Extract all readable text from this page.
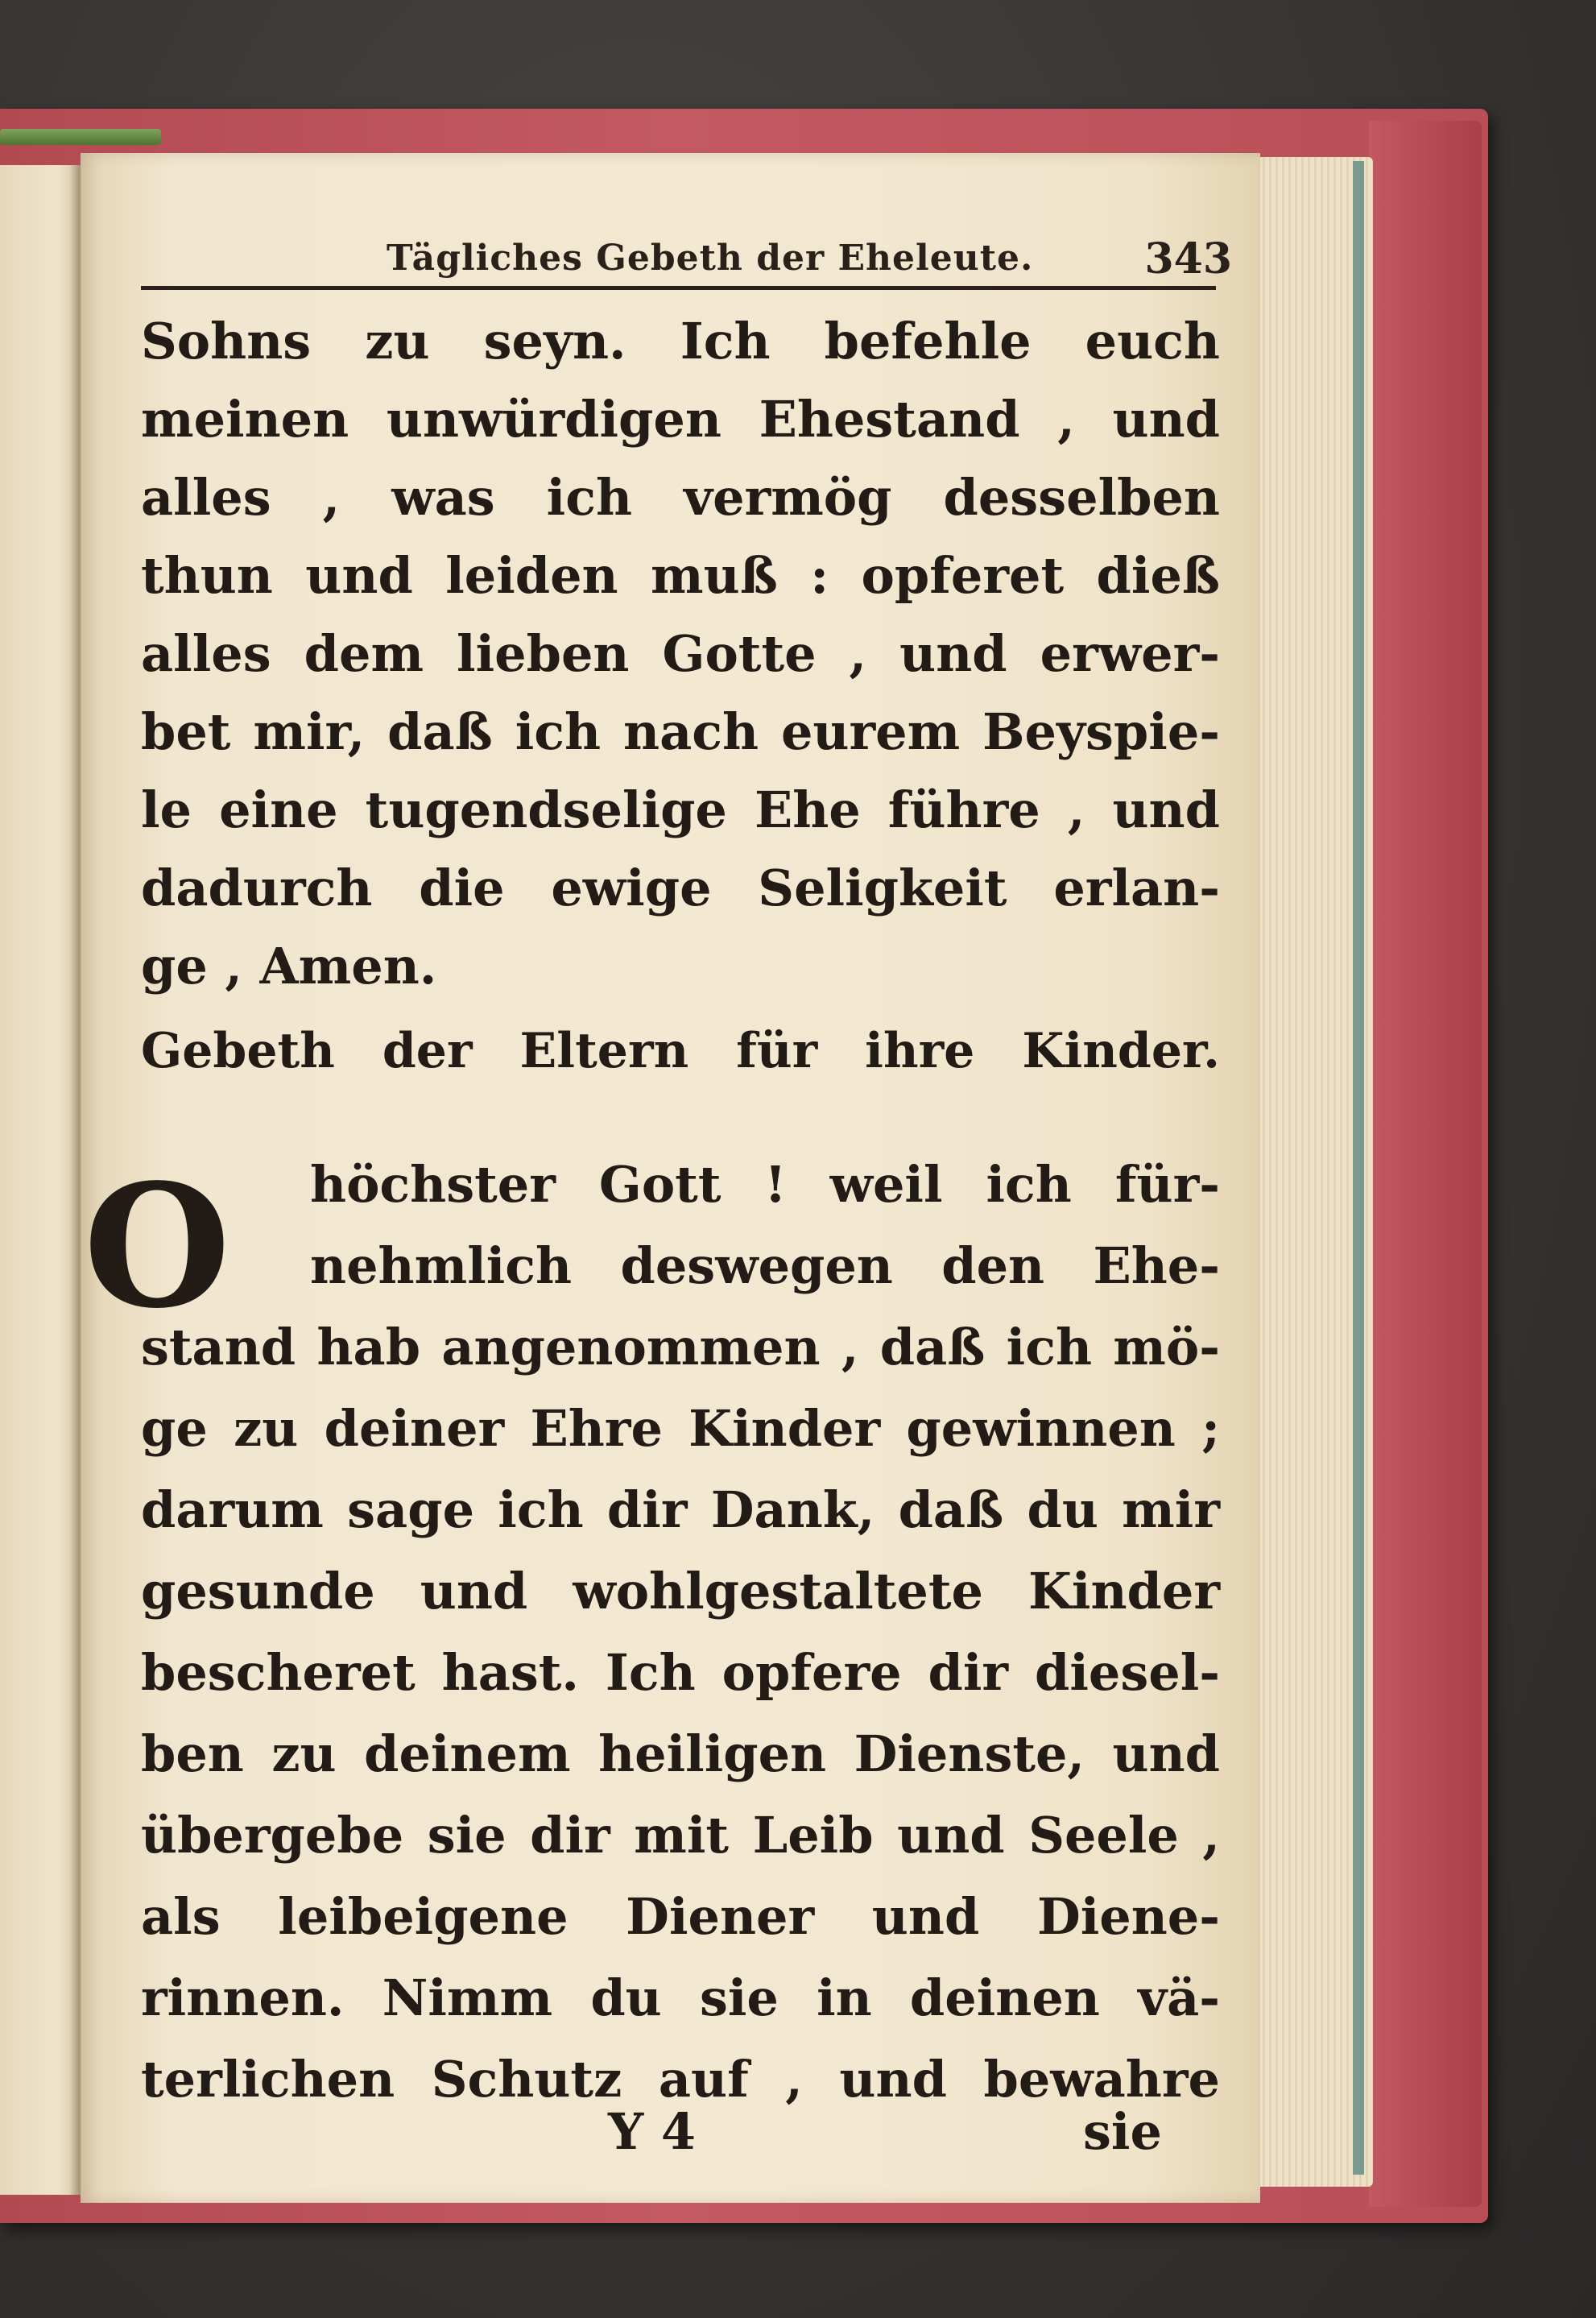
Tägliches Gebeth der Eheleute.	343
Sohns zu seyn. Ich befehle euch
meinen unwürdigen Ehestand , und
alles , was ich vermög desselben
thun und leiden muß : opferet dieß
alles dem lieben Gotte , und erwer-
bet mir, daß ich nach eurem Beyspie-
le eine tugendselige Ehe führe , und
dadurch die ewige Seligkeit erlan-
ge , Amen.
Gebeth der Eltern für ihre Kinder.
O	höchster Gott ! weil ich für-
nehmlich deswegen den Ehe-
stand hab angenommen , daß ich mö-
ge zu deiner Ehre Kinder gewinnen ;
darum sage ich dir Dank, daß du mir
gesunde und wohlgestaltete Kinder
bescheret hast. Ich opfere dir diesel-
ben zu deinem heiligen Dienste, und
übergebe sie dir mit Leib und Seele ,
als leibeigene Diener und Diene-
rinnen. Nimm du sie in deinen vä-
terlichen Schutz auf , und bewahre
Y 4	sie
